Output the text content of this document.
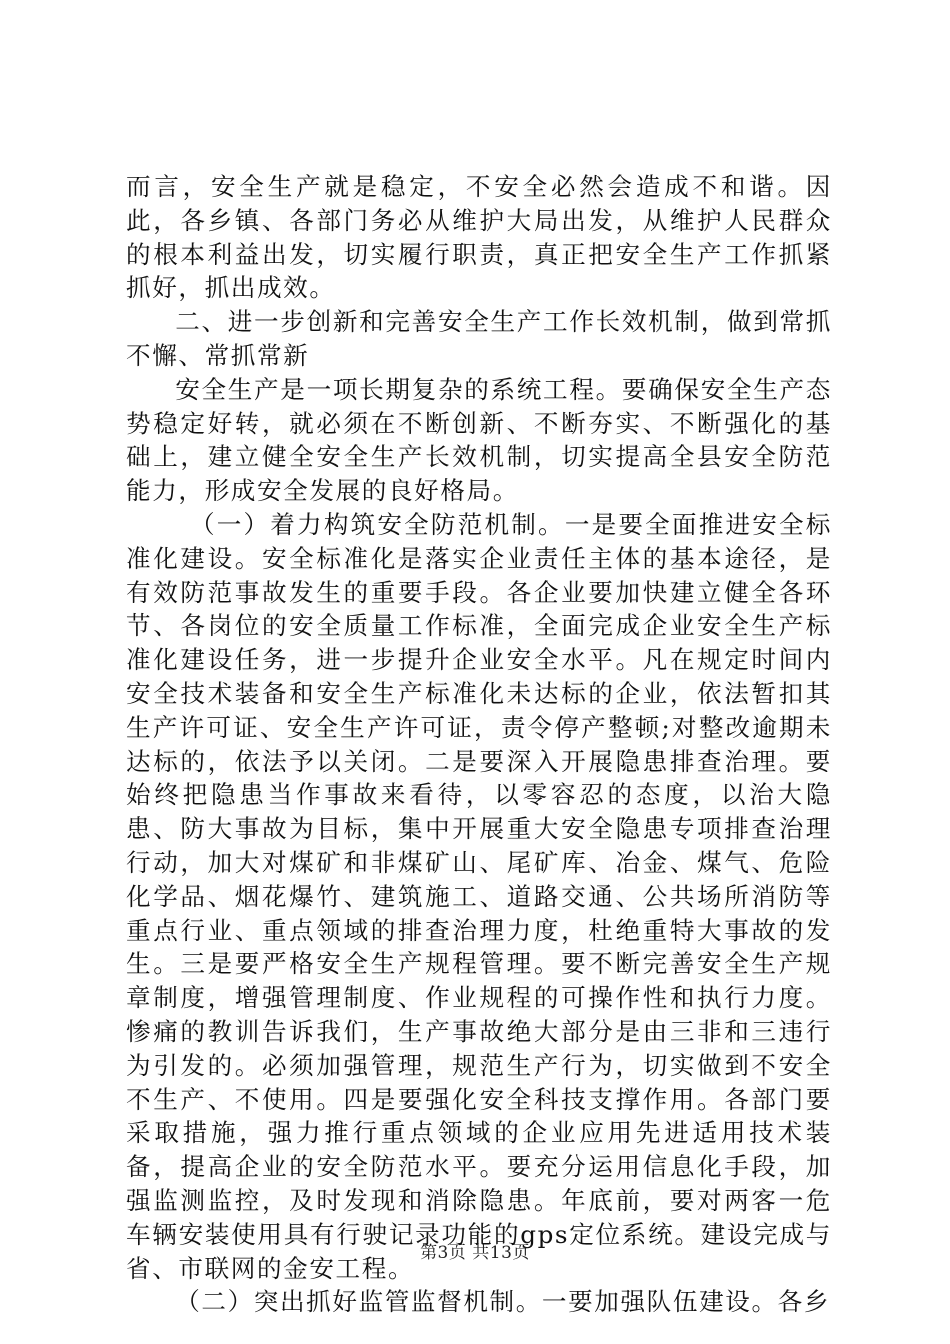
而言，安全生产就是稳定，不安全必然会造成不和谐。因此，各乡镇、各部门务必从维护大局出发，从维护人民群众的根本利益出发，切实履行职责，真正把安全生产工作抓紧抓好，抓出成效。

二、进一步创新和完善安全生产工作长效机制，做到常抓不懈、常抓常新

安全生产是一项长期复杂的系统工程。要确保安全生产态势稳定好转，就必须在不断创新、不断夯实、不断强化的基础上，建立健全安全生产长效机制，切实提高全县安全防范能力，形成安全发展的良好格局。

（一）着力构筑安全防范机制。一是要全面推进安全标准化建设。安全标准化是落实企业责任主体的基本途径，是有效防范事故发生的重要手段。各企业要加快建立健全各环节、各岗位的安全质量工作标准，全面完成企业安全生产标准化建设任务，进一步提升企业安全水平。凡在规定时间内安全技术装备和安全生产标准化未达标的企业，依法暂扣其生产许可证、安全生产许可证，责令停产整顿;对整改逾期未达标的，依法予以关闭。二是要深入开展隐患排查治理。要始终把隐患当作事故来看待，以零容忍的态度，以治大隐患、防大事故为目标，集中开展重大安全隐患专项排查治理行动，加大对煤矿和非煤矿山、尾矿库、冶金、煤气、危险化学品、烟花爆竹、建筑施工、道路交通、公共场所消防等重点行业、重点领域的排查治理力度，杜绝重特大事故的发生。三是要严格安全生产规程管理。要不断完善安全生产规章制度，增强管理制度、作业规程的可操作性和执行力度。惨痛的教训告诉我们，生产事故绝大部分是由三非和三违行为引发的。必须加强管理，规范生产行为，切实做到不安全不生产、不使用。四是要强化安全科技支撑作用。各部门要采取措施，强力推行重点领域的企业应用先进适用技术装备，提高企业的安全防范水平。要充分运用信息化手段，加强监测监控，及时发现和消除隐患。年底前，要对两客一危车辆安装使用具有行驶记录功能的gps定位系统。建设完成与省、市联网的金安工程。

（二）突出抓好监管监督机制。一要加强队伍建设。各乡

第3页 共13页
